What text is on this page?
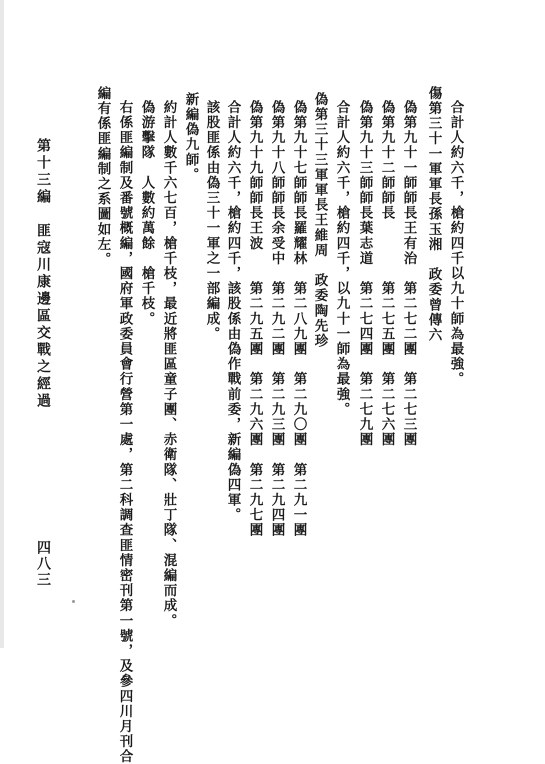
第十三編　匪寇川康邊區交戰之經過	合計人約六千，槍約四千以九十師為最強。
傷第三十一軍軍長孫玉湘　政委曾傳六
偽第九十一師師長王有治　第二七二團　第二七三團
偽第九十二師師長　　　　第二七五團　第二七六團
偽第九十三師師長葉志道　第二七四團　第二七九團
合計人約六千，槍約四千，以九十一師為最強。
偽第三十三軍軍長王維周　政委陶先珍
偽第九十七師師長羅耀林　第二八九團　第二九〇團　第二九一團
偽第九十八師師長余受中　第二九二團　第二九三團　第二九四團
偽第九十九師師長王波　　第二九五團　第二九六團　第二九七團
合計人約六千，槍約四千，該股係由偽作戰前委，新編偽四軍。
該股匪係由偽三十一軍之一部編成。
新編偽九師。
約計人數千六七百，槍千枝，最近將匪區童子團、赤衛隊、壯丁隊、混編而成。
偽游擊隊　人數約萬餘　槍千枝。
右係匪編制及番號概編，國府軍政委員會行營第一處，第二科調查匪情密刊第一號，及參四川月刊合
編有係匪編制之系圖如左。
四八三
